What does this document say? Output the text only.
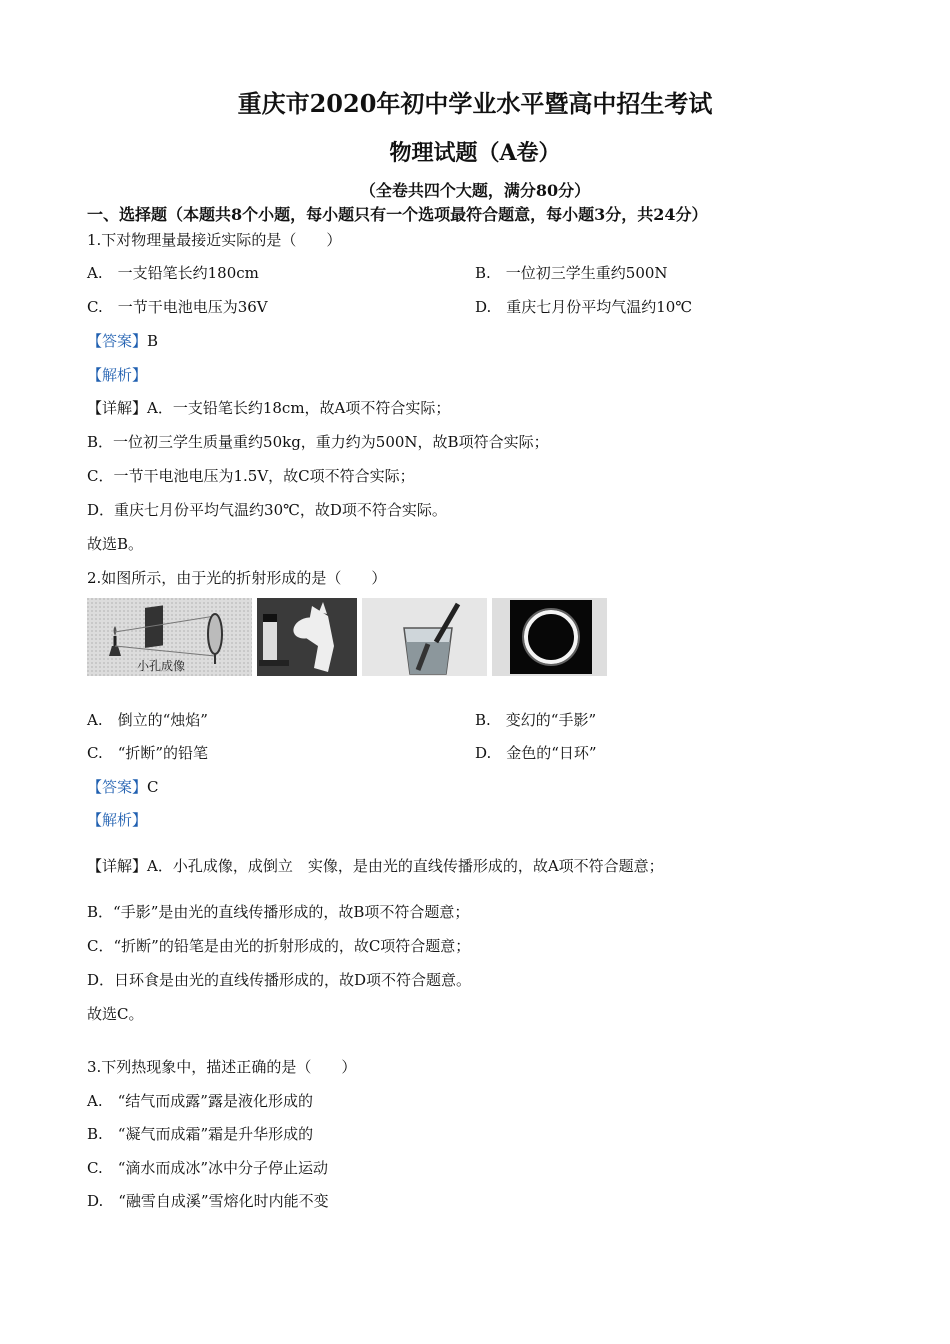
重庆市2020年初中学业水平暨高中招生考试
物理试题（A卷）
（全卷共四个大题，满分80分）
一、选择题（本题共8个小题，每小题只有一个选项最符合题意，每小题3分，共24分）
1.下对物理量最接近实际的是（　　）
A.　一支铅笔长约180cm	B.　一位初三学生重约500N
C.　一节干电池电压为36V	D.　重庆七月份平均气温约10℃
【答案】B
【解析】
【详解】A．一支铅笔长约18cm，故A项不符合实际；
B．一位初三学生质量重约50kg，重力约为500N，故B项符合实际；
C．一节干电池电压为1.5V，故C项不符合实际；
D．重庆七月份平均气温约30℃，故D项不符合实际。
故选B。
2.如图所示，由于光的折射形成的是（　　）
小孔成像
A.　倒立的“烛焰”	B.　变幻的“手影”
C.　“折断”的铅笔	D.　金色的“日环”
【答案】C
【解析】
【详解】A．小孔成像，成倒立　实像，是由光的直线传播形成的，故A项不符合题意；
B．“手影”是由光的直线传播形成的，故B项不符合题意；
C．“折断”的铅笔是由光的折射形成的，故C项符合题意；
D．日环食是由光的直线传播形成的，故D项不符合题意。
故选C。
3.下列热现象中，描述正确的是（　　）
A.　“结气而成露”露是液化形成的
B.　“凝气而成霜”霜是升华形成的
C.　“滴水而成冰”冰中分子停止运动
D.　“融雪自成溪”雪熔化时内能不变
